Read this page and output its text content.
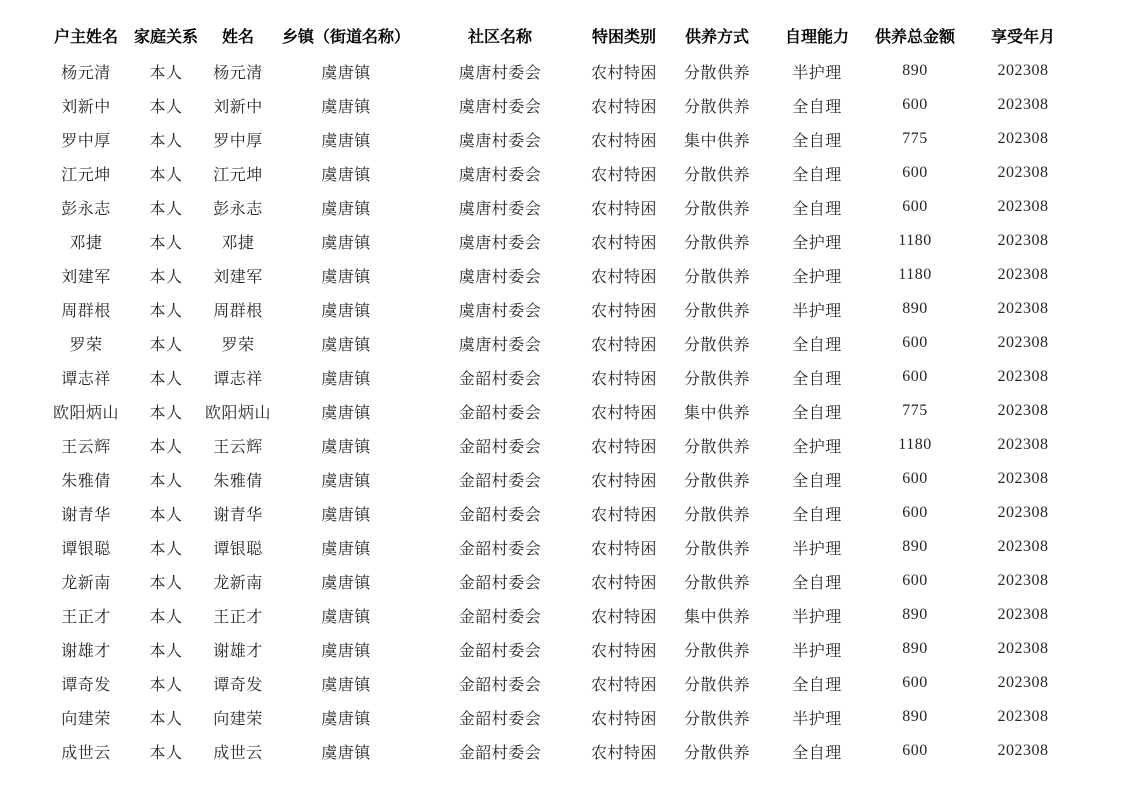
户主姓名	家庭关系	姓名	乡镇（街道名称）	社区名称	特困类别	供养方式	自理能力	供养总金额	享受年月
杨元清	本人	杨元清	虞唐镇	虞唐村委会	农村特困	分散供养	半护理	890	202308
刘新中	本人	刘新中	虞唐镇	虞唐村委会	农村特困	分散供养	全自理	600	202308
罗中厚	本人	罗中厚	虞唐镇	虞唐村委会	农村特困	集中供养	全自理	775	202308
江元坤	本人	江元坤	虞唐镇	虞唐村委会	农村特困	分散供养	全自理	600	202308
彭永志	本人	彭永志	虞唐镇	虞唐村委会	农村特困	分散供养	全自理	600	202308
邓捷	本人	邓捷	虞唐镇	虞唐村委会	农村特困	分散供养	全护理	1180	202308
刘建军	本人	刘建军	虞唐镇	虞唐村委会	农村特困	分散供养	全护理	1180	202308
周群根	本人	周群根	虞唐镇	虞唐村委会	农村特困	分散供养	半护理	890	202308
罗荣	本人	罗荣	虞唐镇	虞唐村委会	农村特困	分散供养	全自理	600	202308
谭志祥	本人	谭志祥	虞唐镇	金韶村委会	农村特困	分散供养	全自理	600	202308
欧阳炳山	本人	欧阳炳山	虞唐镇	金韶村委会	农村特困	集中供养	全自理	775	202308
王云辉	本人	王云辉	虞唐镇	金韶村委会	农村特困	分散供养	全护理	1180	202308
朱雅倩	本人	朱雅倩	虞唐镇	金韶村委会	农村特困	分散供养	全自理	600	202308
谢青华	本人	谢青华	虞唐镇	金韶村委会	农村特困	分散供养	全自理	600	202308
谭银聪	本人	谭银聪	虞唐镇	金韶村委会	农村特困	分散供养	半护理	890	202308
龙新南	本人	龙新南	虞唐镇	金韶村委会	农村特困	分散供养	全自理	600	202308
王正才	本人	王正才	虞唐镇	金韶村委会	农村特困	集中供养	半护理	890	202308
谢雄才	本人	谢雄才	虞唐镇	金韶村委会	农村特困	分散供养	半护理	890	202308
谭奇发	本人	谭奇发	虞唐镇	金韶村委会	农村特困	分散供养	全自理	600	202308
向建荣	本人	向建荣	虞唐镇	金韶村委会	农村特困	分散供养	半护理	890	202308
成世云	本人	成世云	虞唐镇	金韶村委会	农村特困	分散供养	全自理	600	202308
